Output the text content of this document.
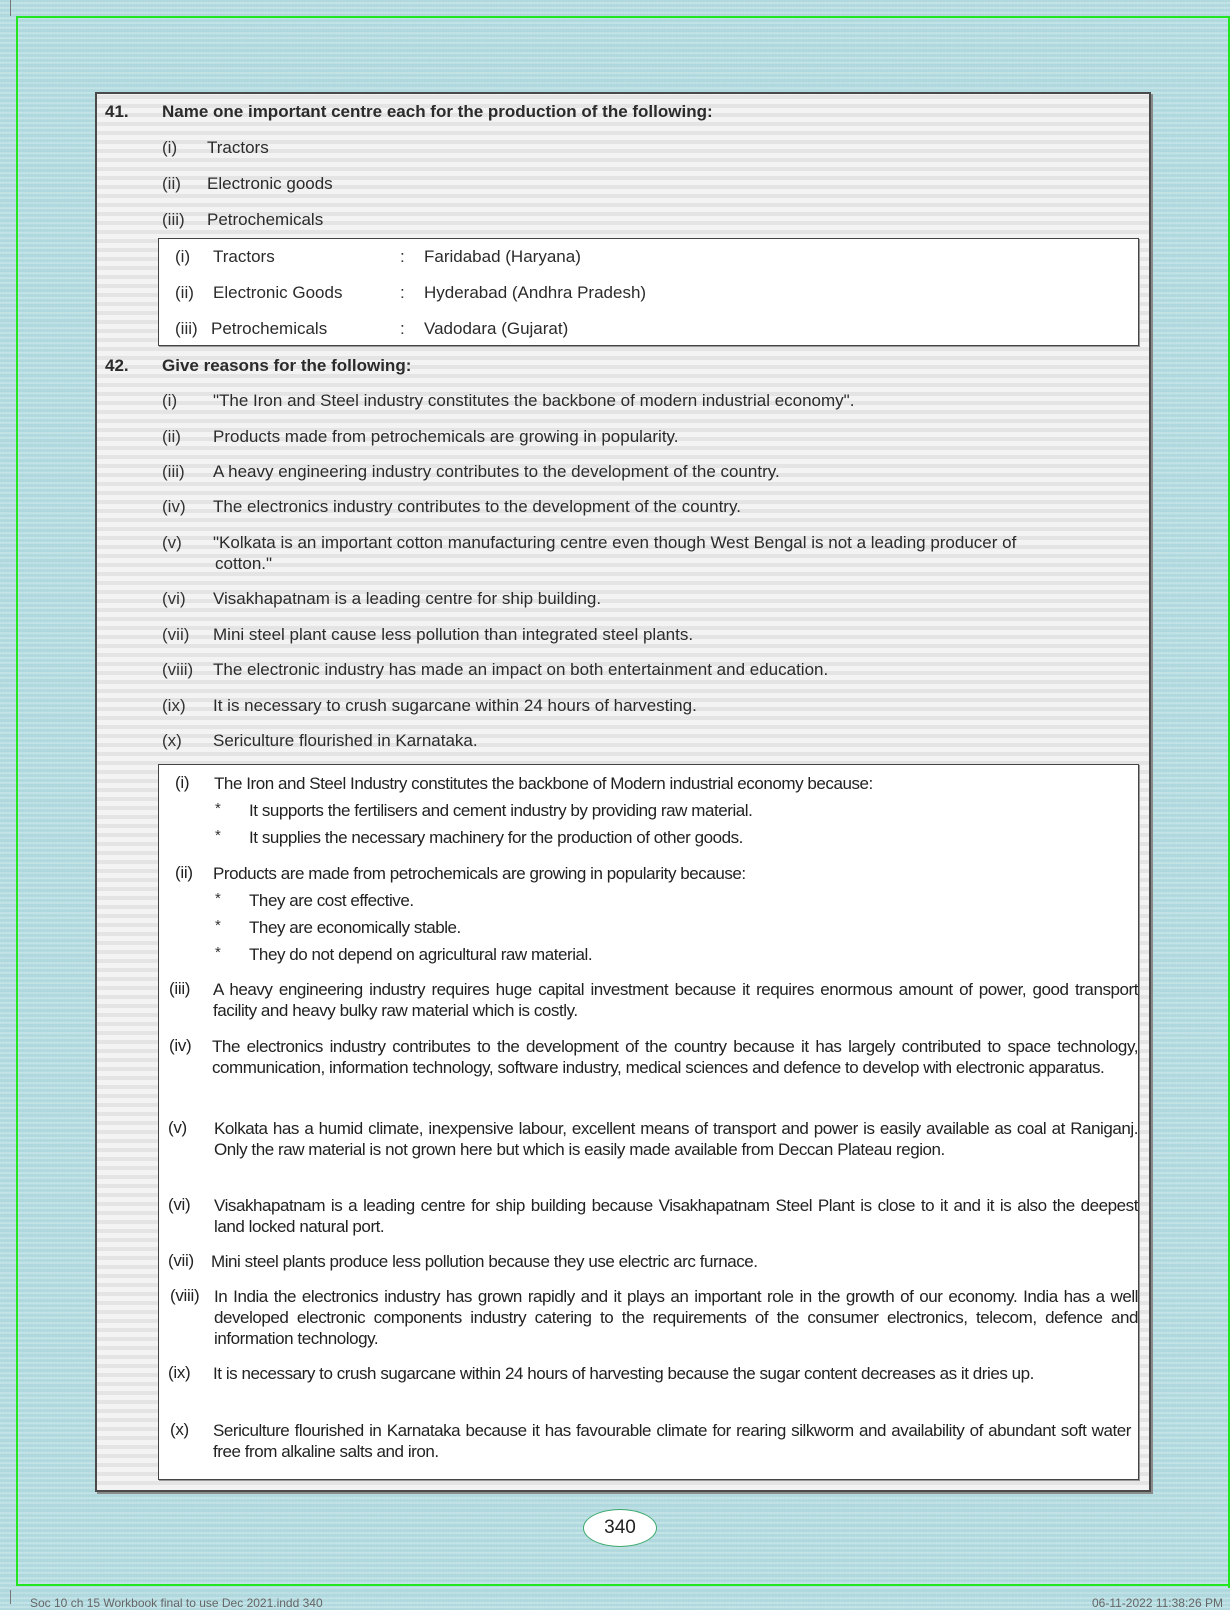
41. Name one important centre each for the production of the following:
(i) Tractors
(ii) Electronic goods
(iii) Petrochemicals
(i) Tractors	: Faridabad (Haryana)
(ii) Electronic Goods	: Hyderabad (Andhra Pradesh)
(iii) Petrochemicals	: Vadodara (Gujarat)
42. Give reasons for the following:
(i) "The Iron and Steel industry constitutes the backbone of modern industrial economy".
(ii) Products made from petrochemicals are growing in popularity.
(iii) A heavy engineering industry contributes to the development of the country.
(iv) The electronics industry contributes to the development of the country.
(v) "Kolkata is an important cotton manufacturing centre even though West Bengal is not a leading producer of
cotton."
(vi) Visakhapatnam is a leading centre for ship building.
(vii) Mini steel plant cause less pollution than integrated steel plants.
(viii) The electronic industry has made an impact on both entertainment and education.
(ix) It is necessary to crush sugarcane within 24 hours of harvesting.
(x) Sericulture flourished in Karnataka.
(i) The Iron and Steel Industry constitutes the backbone of Modern industrial economy because:
* It supports the fertilisers and cement industry by providing raw material.
* It supplies the necessary machinery for the production of other goods.
(ii) Products are made from petrochemicals are growing in popularity because:
* They are cost effective.
* They are economically stable.
* They do not depend on agricultural raw material.
(iii) A heavy engineering industry requires huge capital investment because it requires enormous amount of power, good transport facility and heavy bulky raw material which is costly.
(iv) The electronics industry contributes to the development of the country because it has largely contributed to space technology, communication, information technology, software industry, medical sciences and defence to develop with electronic apparatus.
(v) Kolkata has a humid climate, inexpensive labour, excellent means of transport and power is easily available as coal at Raniganj. Only the raw material is not grown here but which is easily made available from Deccan Plateau region.
(vi) Visakhapatnam is a leading centre for ship building because Visakhapatnam Steel Plant is close to it and it is also the deepest land locked natural port.
(vii) Mini steel plants produce less pollution because they use electric arc furnace.
(viii) In India the electronics industry has grown rapidly and it plays an important role in the growth of our economy. India has a well developed electronic components industry catering to the requirements of the consumer electronics, telecom, defence and information technology.
(ix) It is necessary to crush sugarcane within 24 hours of harvesting because the sugar content decreases as it dries up.
(x) Sericulture flourished in Karnataka because it has favourable climate for rearing silkworm and availability of abundant soft water free from alkaline salts and iron.
340
Soc 10 ch 15 Workbook final to use Dec 2021.indd 340	06-11-2022 11:38:26 PM
